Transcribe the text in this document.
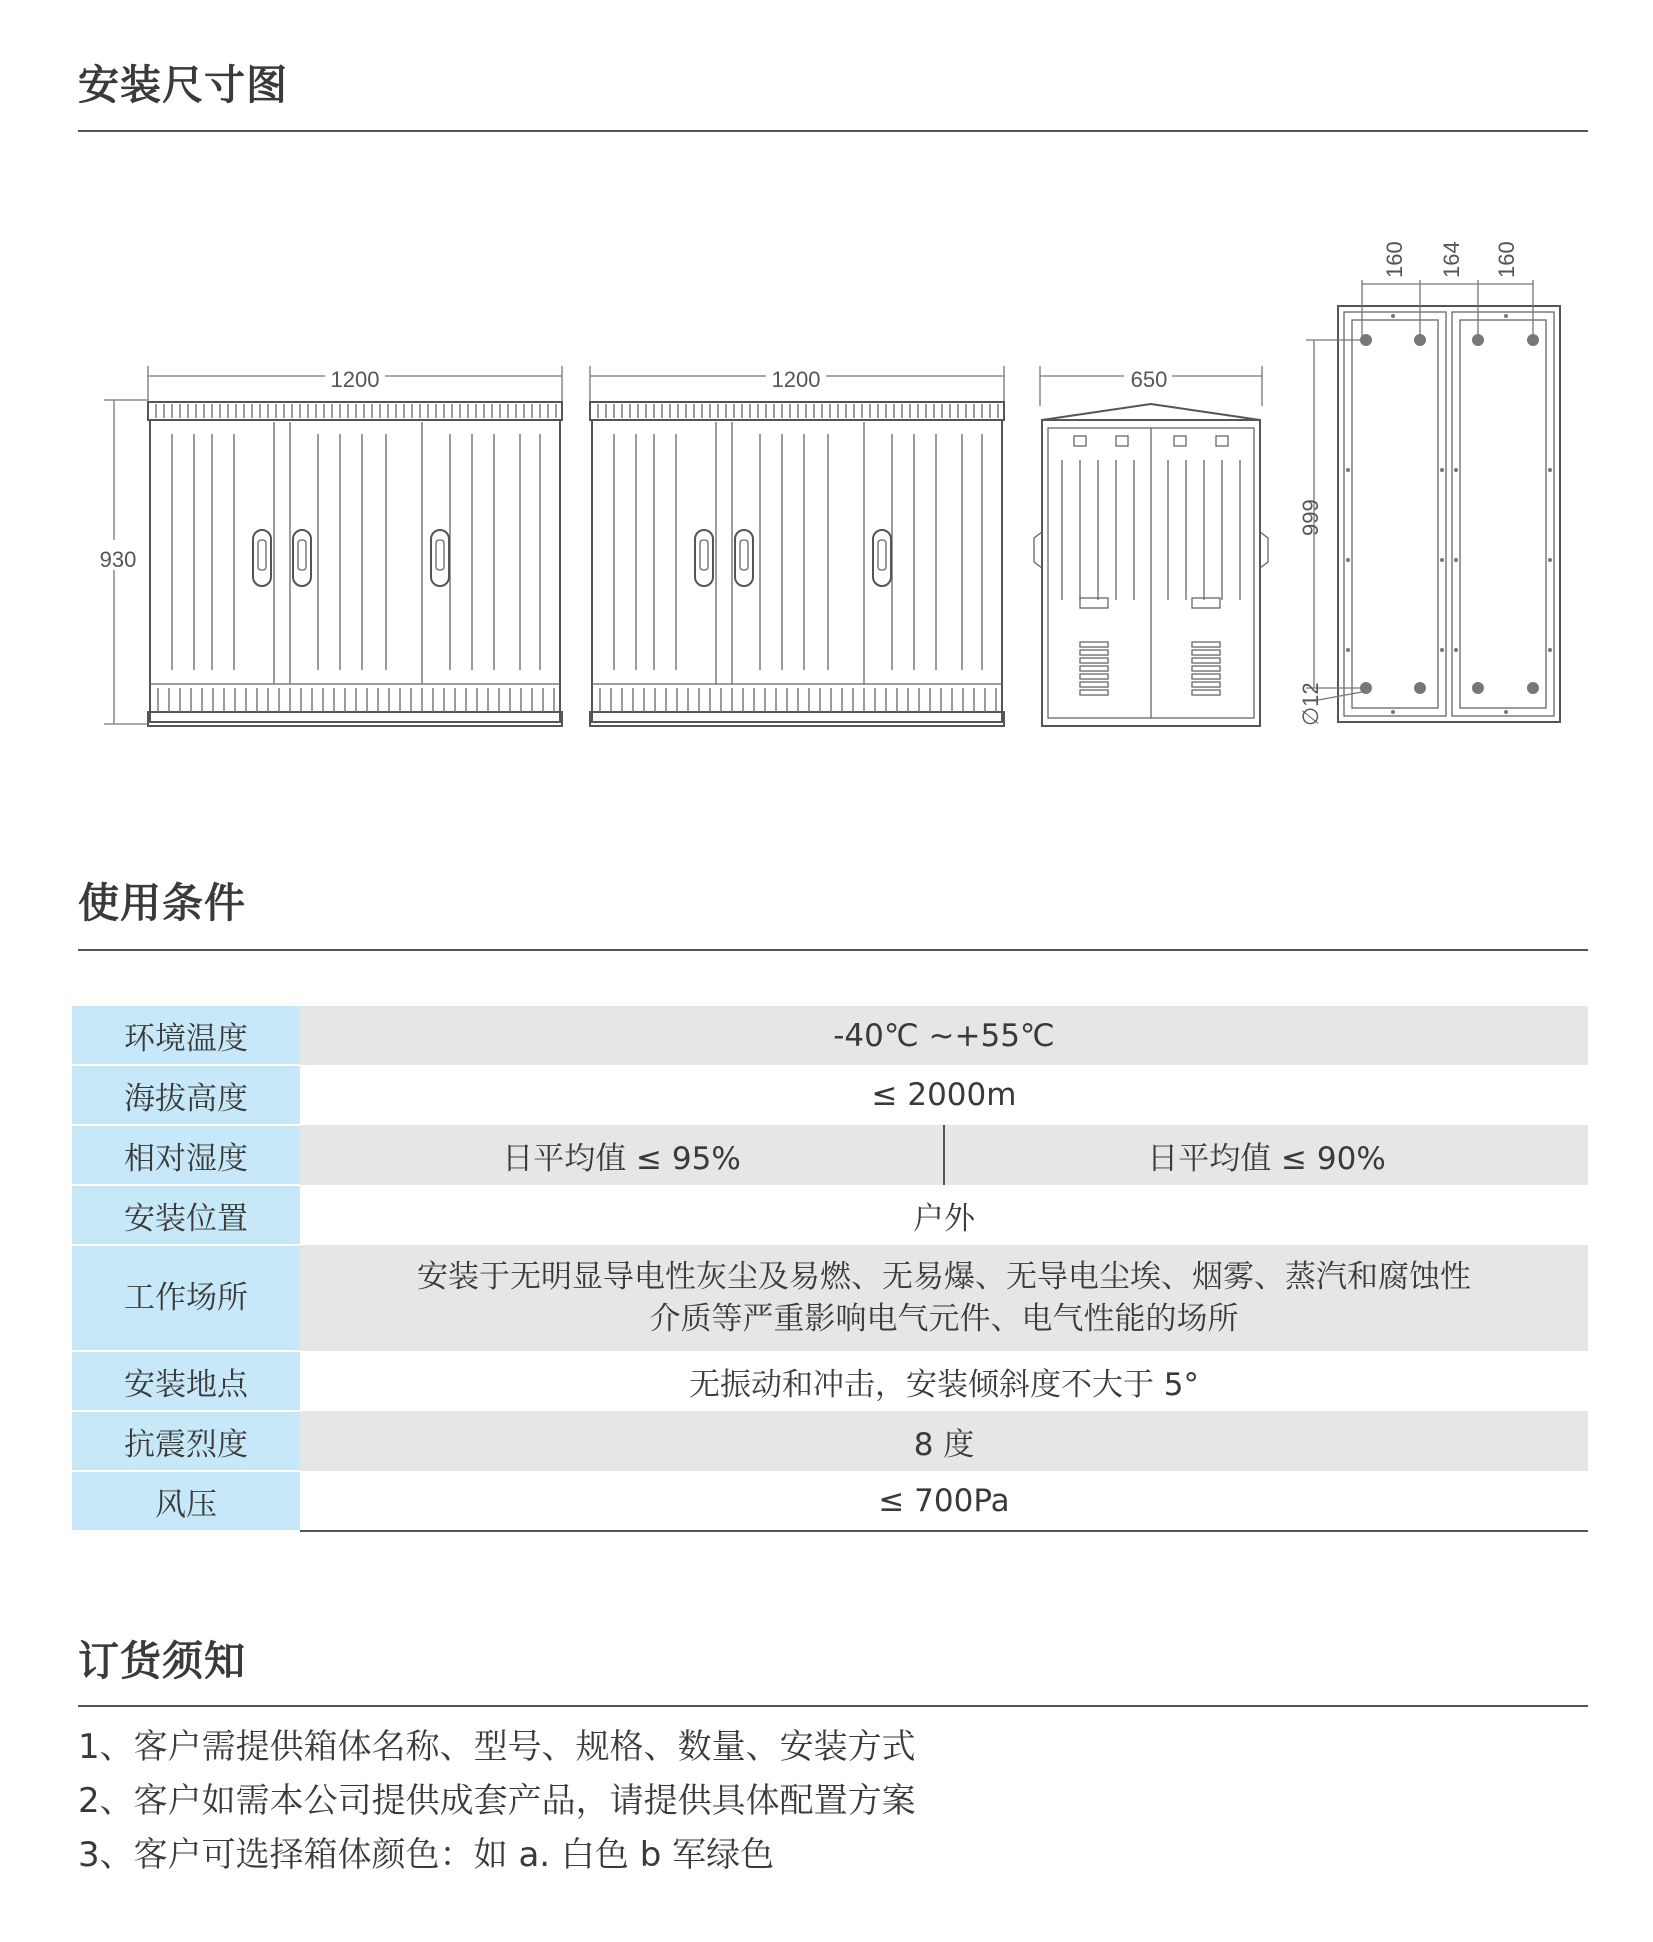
安装尺寸图
1200
930
1200	650
160 164 160
999
∅12
使用条件
环境温度	-40℃ ~+55℃	
海拔高度	≤ 2000m	
相对湿度	日平均值 ≤ 95%	日平均值 ≤ 90%
安装位置	户外	
工作场所	安装于无明显导电性灰尘及易燃、无易爆、无导电尘埃、烟雾、蒸汽和腐蚀性
介质等严重影响电气元件、电气性能的场所	

安装地点	无振动和冲击，安装倾斜度不大于 5°	
抗震烈度	8 度	
风压	≤ 700Pa	
订货须知
1、客户需提供箱体名称、型号、规格、数量、安装方式
2、客户如需本公司提供成套产品，请提供具体配置方案
3、客户可选择箱体颜色：如 a. 白色 b 军绿色
